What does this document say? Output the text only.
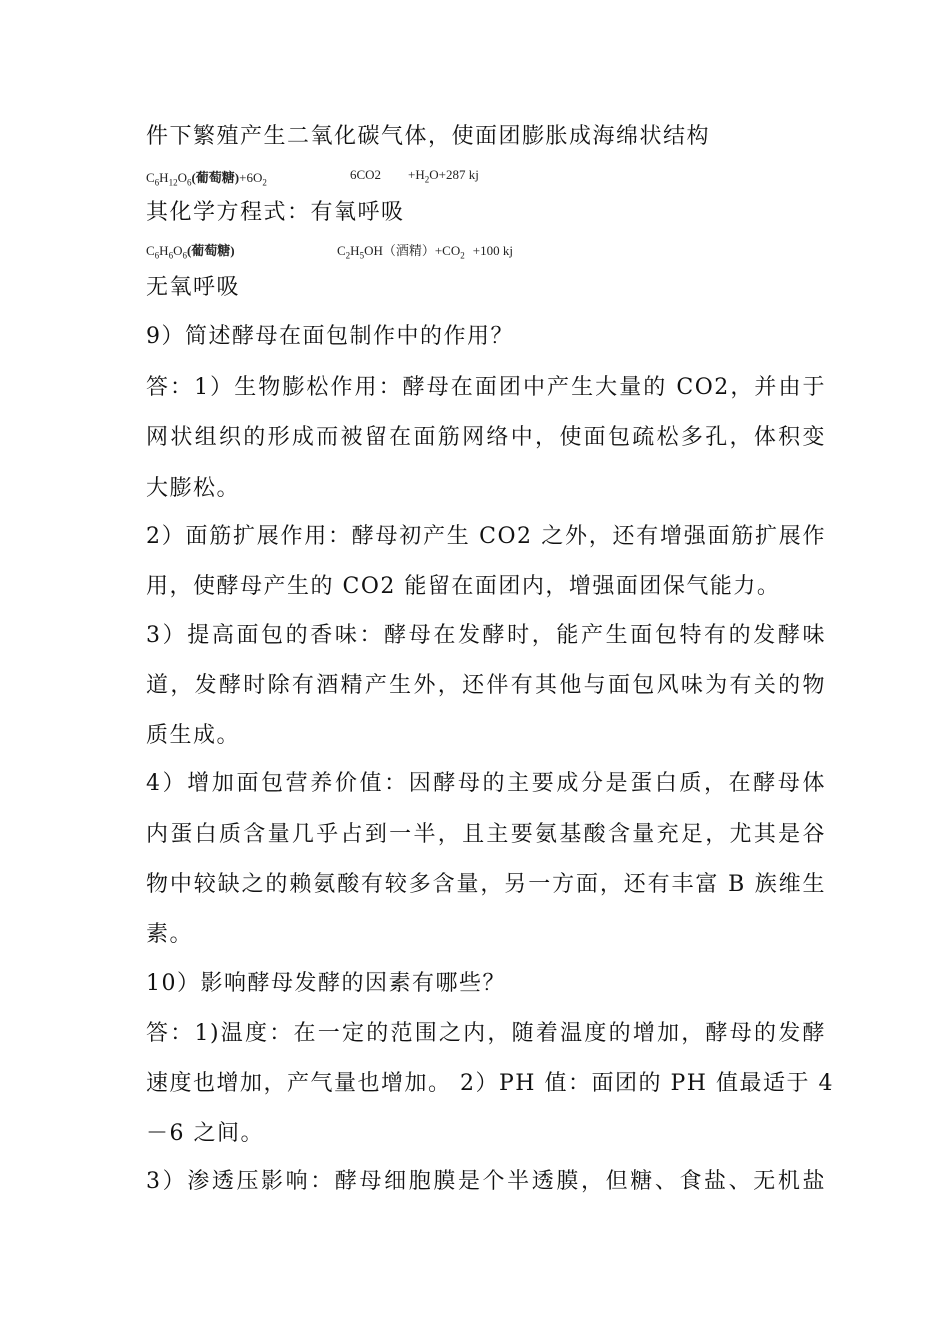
件下繁殖产生二氧化碳气体，使面团膨胀成海绵状结构
$C_6H_{12}O_6$(葡萄糖)$+6O_2$
$6CO2 +H_2O+287$ kj
其化学方程式：有氧呼吸
$C_6H_6O_6$(葡萄糖)	$C_2H_5OH$（酒精）$+CO_2 +100$ kj
无氧呼吸
9）简述酵母在面包制作中的作用？
答：1）生物膨松作用：酵母在面团中产生大量的 CO2，并由于
网状组织的形成而被留在面筋网络中，使面包疏松多孔，体积变
大膨松。
2）面筋扩展作用：酵母初产生 CO2 之外，还有增强面筋扩展作
用，使酵母产生的 CO2 能留在面团内，增强面团保气能力。
3）提高面包的香味：酵母在发酵时，能产生面包特有的发酵味
道，发酵时除有酒精产生外，还伴有其他与面包风味为有关的物
质生成。
4）增加面包营养价值：因酵母的主要成分是蛋白质，在酵母体
内蛋白质含量几乎占到一半，且主要氨基酸含量充足，尤其是谷
物中较缺之的赖氨酸有较多含量，另一方面，还有丰富 B 族维生
素。
10）影响酵母发酵的因素有哪些？
答：1)温度：在一定的范围之内，随着温度的增加，酵母的发酵
速度也增加，产气量也增加。 2）PH 值：面团的 PH 值最适于 4
－6 之间。
3）渗透压影响：酵母细胞膜是个半透膜，但糖、食盐、无机盐
